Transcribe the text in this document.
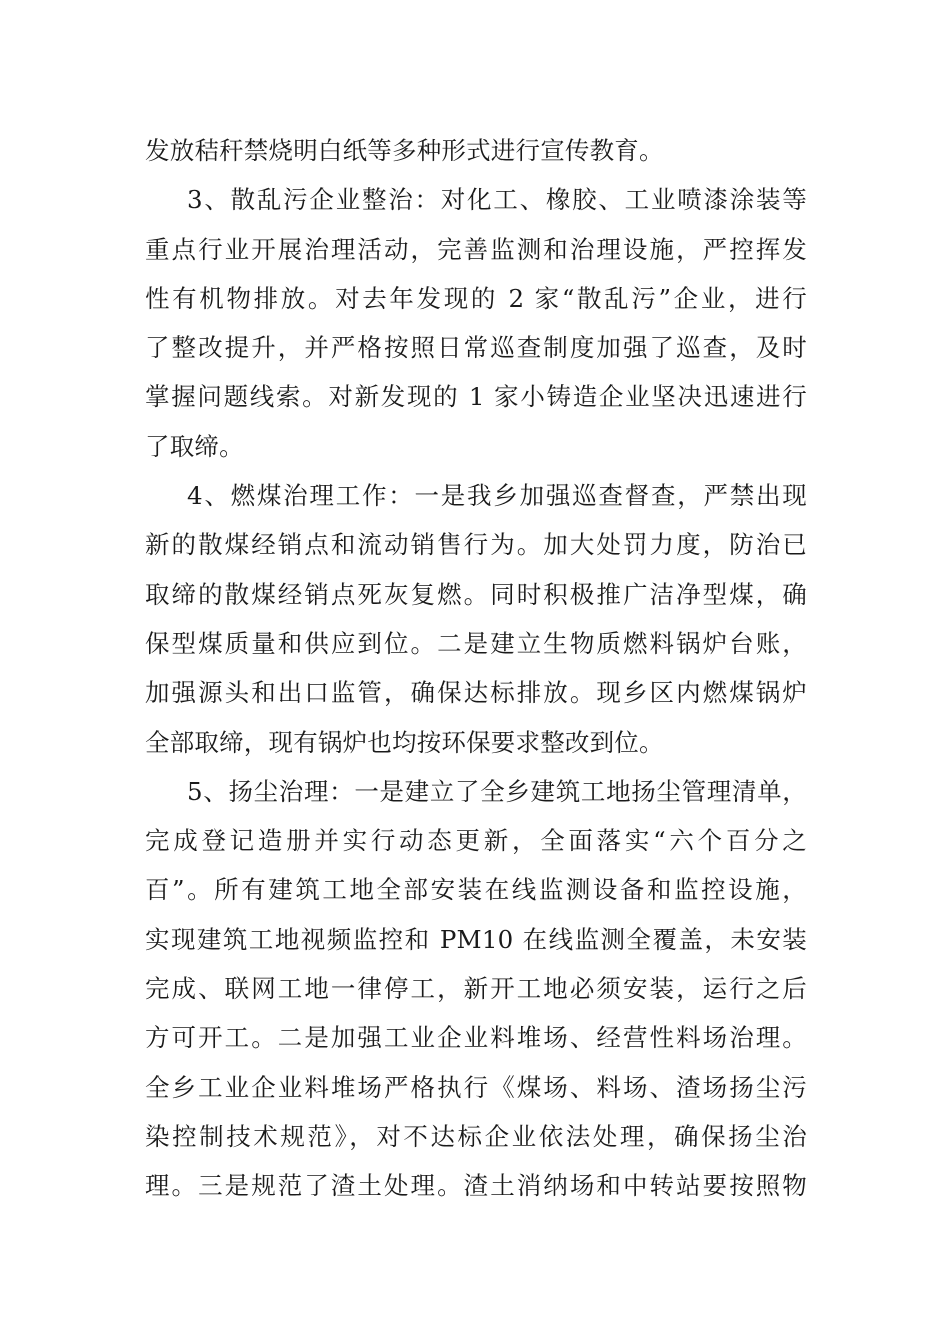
发放秸秆禁烧明白纸等多种形式进行宣传教育。
3、散乱污企业整治：对化工、橡胶、工业喷漆涂装等
重点行业开展治理活动，完善监测和治理设施，严控挥发
性有机物排放。对去年发现的 2 家“散乱污”企业，进行
了整改提升，并严格按照日常巡查制度加强了巡查，及时
掌握问题线索。对新发现的 1 家小铸造企业坚决迅速进行
了取缔。
4、燃煤治理工作：一是我乡加强巡查督查，严禁出现
新的散煤经销点和流动销售行为。加大处罚力度，防治已
取缔的散煤经销点死灰复燃。同时积极推广洁净型煤，确
保型煤质量和供应到位。二是建立生物质燃料锅炉台账，
加强源头和出口监管，确保达标排放。现乡区内燃煤锅炉
全部取缔，现有锅炉也均按环保要求整改到位。
5、扬尘治理：一是建立了全乡建筑工地扬尘管理清单，
完成登记造册并实行动态更新，全面落实“六个百分之
百”。所有建筑工地全部安装在线监测设备和监控设施，
实现建筑工地视频监控和 PM10 在线监测全覆盖，未安装
完成、联网工地一律停工，新开工地必须安装，运行之后
方可开工。二是加强工业企业料堆场、经营性料场治理。
全乡工业企业料堆场严格执行《煤场、料场、渣场扬尘污
染控制技术规范》，对不达标企业依法处理，确保扬尘治
理。三是规范了渣土处理。渣土消纳场和中转站要按照物
